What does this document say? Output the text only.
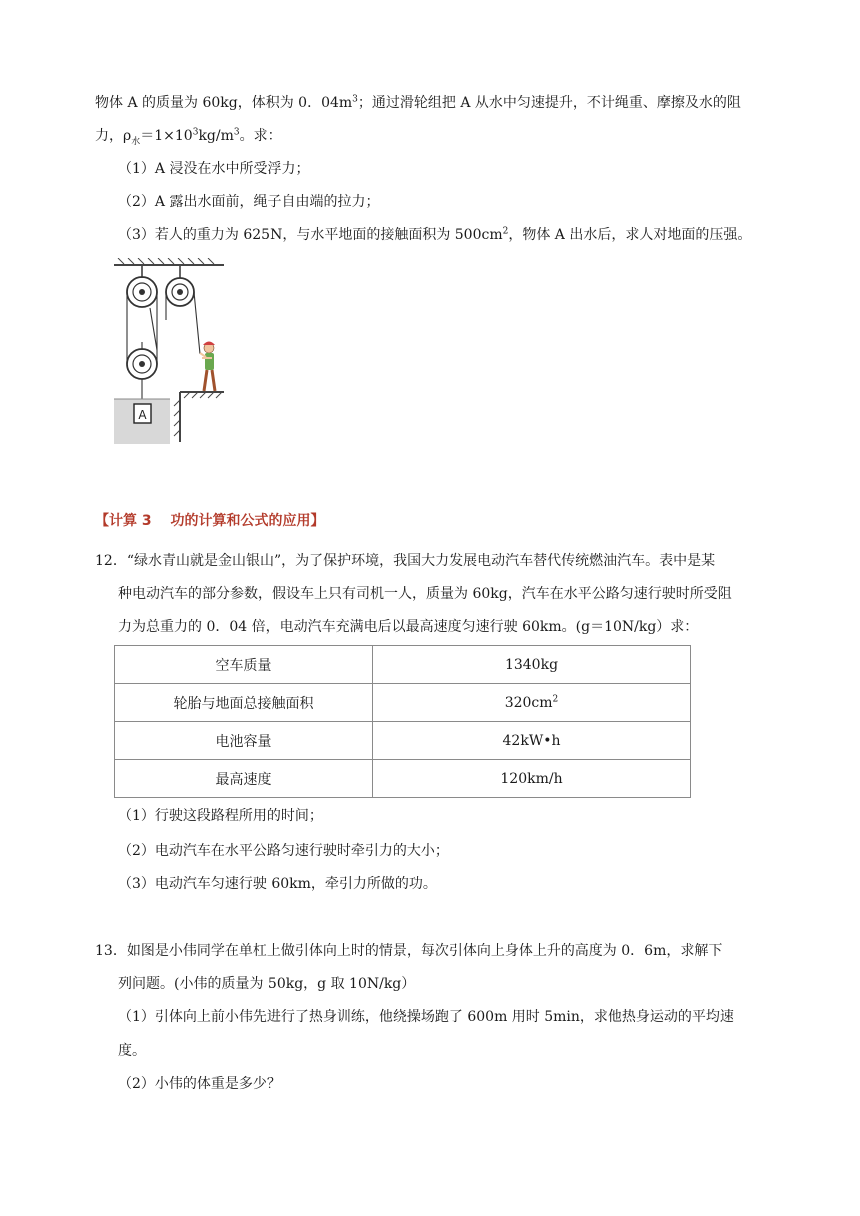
物体 A 的质量为 60kg，体积为 0．$04m^3$；通过滑轮组把 A 从水中匀速提升，不计绳重、摩擦及水的阻
力，$\rho_水=1\times 10^3kg/m^3$。求：
（1）A 浸没在水中所受浮力；
（2）A 露出水面前，绳子自由端的拉力；
（3）若人的重力为 625N，与水平地面的接触面积为 $500cm^2$，物体 A 出水后，求人对地面的压强。
A
【计算 3　 功的计算和公式的应用】
12．“绿水青山就是金山银山”，为了保护环境，我国大力发展电动汽车替代传统燃油汽车。表中是某
种电动汽车的部分参数，假设车上只有司机一人，质量为 60kg，汽车在水平公路匀速行驶时所受阻
力为总重力的 0．04 倍，电动汽车充满电后以最高速度匀速行驶 60km。(g＝10N/kg）求：
空车质量	1340kg
轮胎与地面总接触面积	$320cm^2$
电池容量	42kW•h
最高速度	120km/h
（1）行驶这段路程所用的时间；
（2）电动汽车在水平公路匀速行驶时牵引力的大小；
（3）电动汽车匀速行驶 60km，牵引力所做的功。
13．如图是小伟同学在单杠上做引体向上时的情景，每次引体向上身体上升的高度为 0．6m，求解下
列问题。(小伟的质量为 50kg，g 取 10N/kg）
（1）引体向上前小伟先进行了热身训练，他绕操场跑了 600m 用时 5min，求他热身运动的平均速
度。
（2）小伟的体重是多少？
